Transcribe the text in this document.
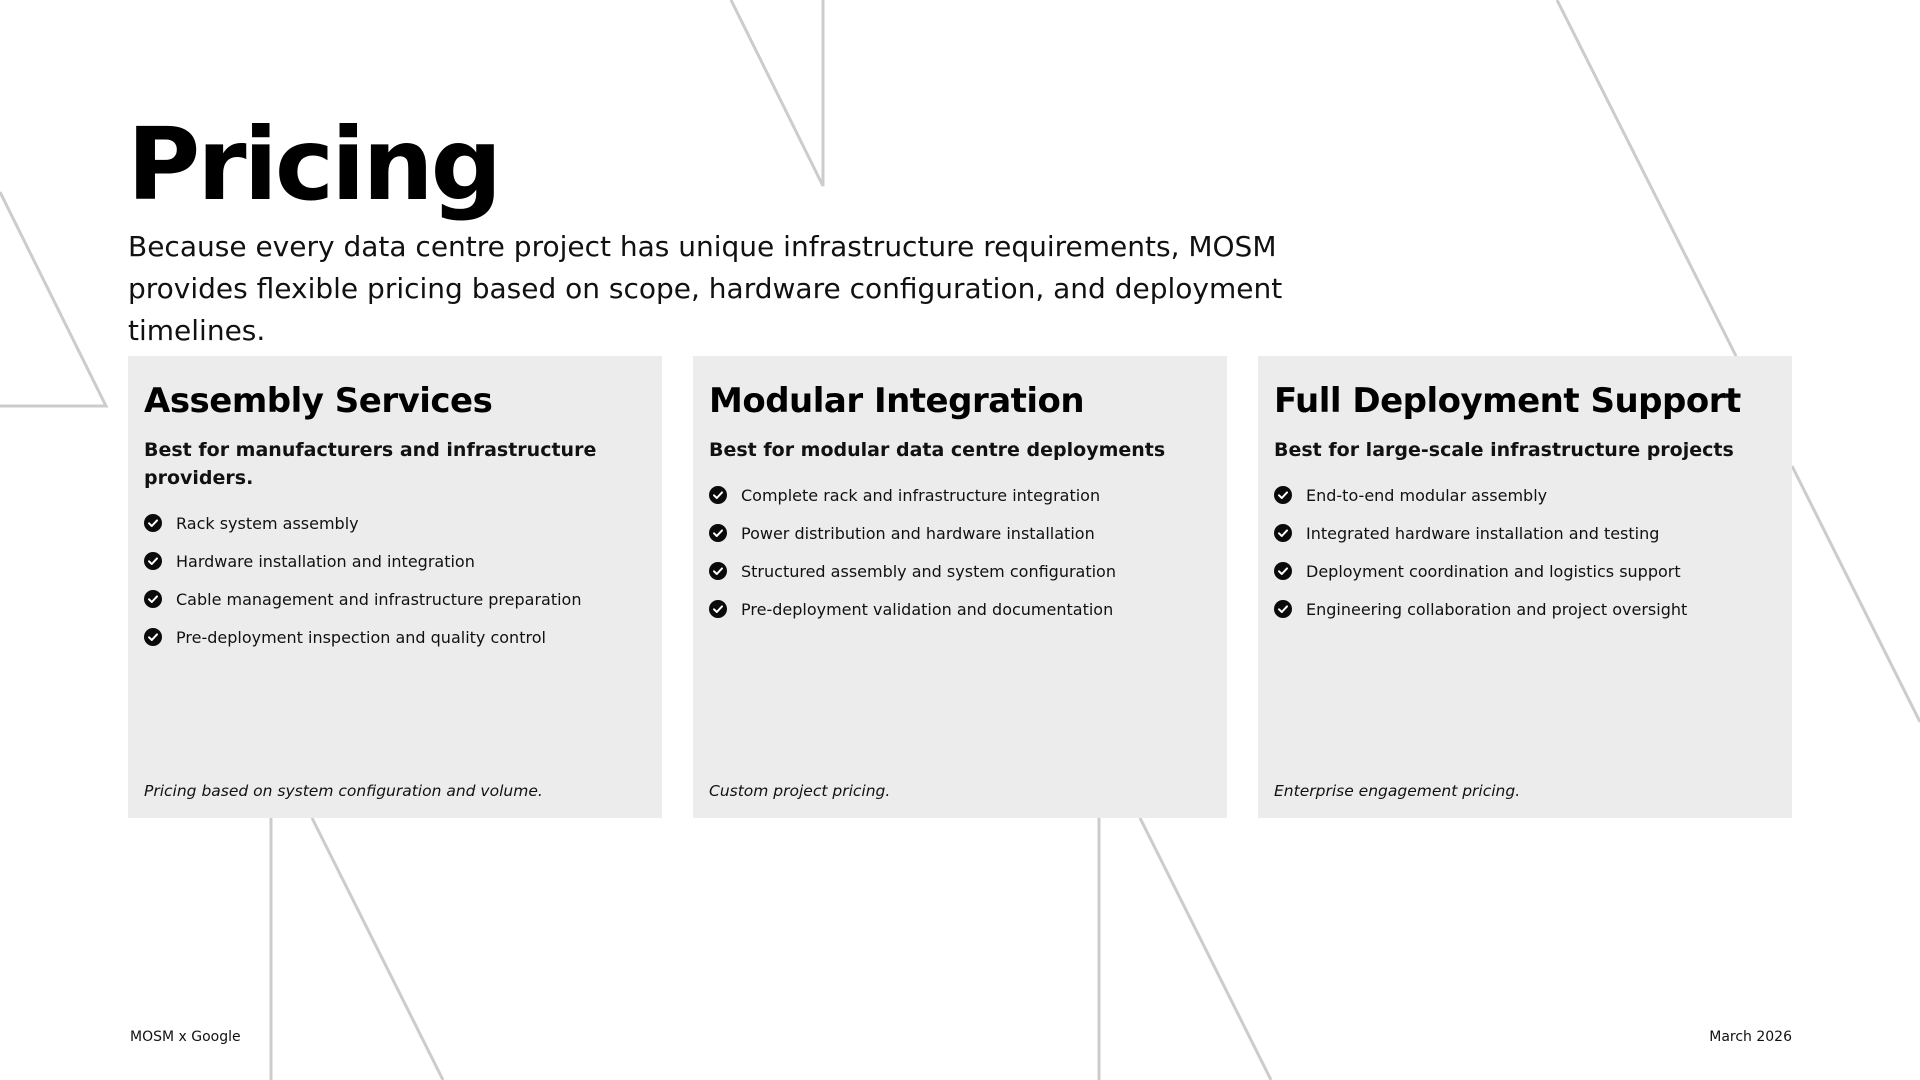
Pricing

Because every data centre project has unique infrastructure requirements, MOSM provides flexible pricing based on scope, hardware configuration, and deployment timelines.

Assembly Services

Best for manufacturers and infrastructure providers.

Rack system assembly
Hardware installation and integration
Cable management and infrastructure preparation
Pre-deployment inspection and quality control

Pricing based on system configuration and volume.

Modular Integration

Best for modular data centre deployments

Complete rack and infrastructure integration
Power distribution and hardware installation
Structured assembly and system configuration
Pre-deployment validation and documentation

Custom project pricing.

Full Deployment Support

Best for large-scale infrastructure projects

End-to-end modular assembly
Integrated hardware installation and testing
Deployment coordination and logistics support
Engineering collaboration and project oversight

Enterprise engagement pricing.

MOSM x Google	March 2026
